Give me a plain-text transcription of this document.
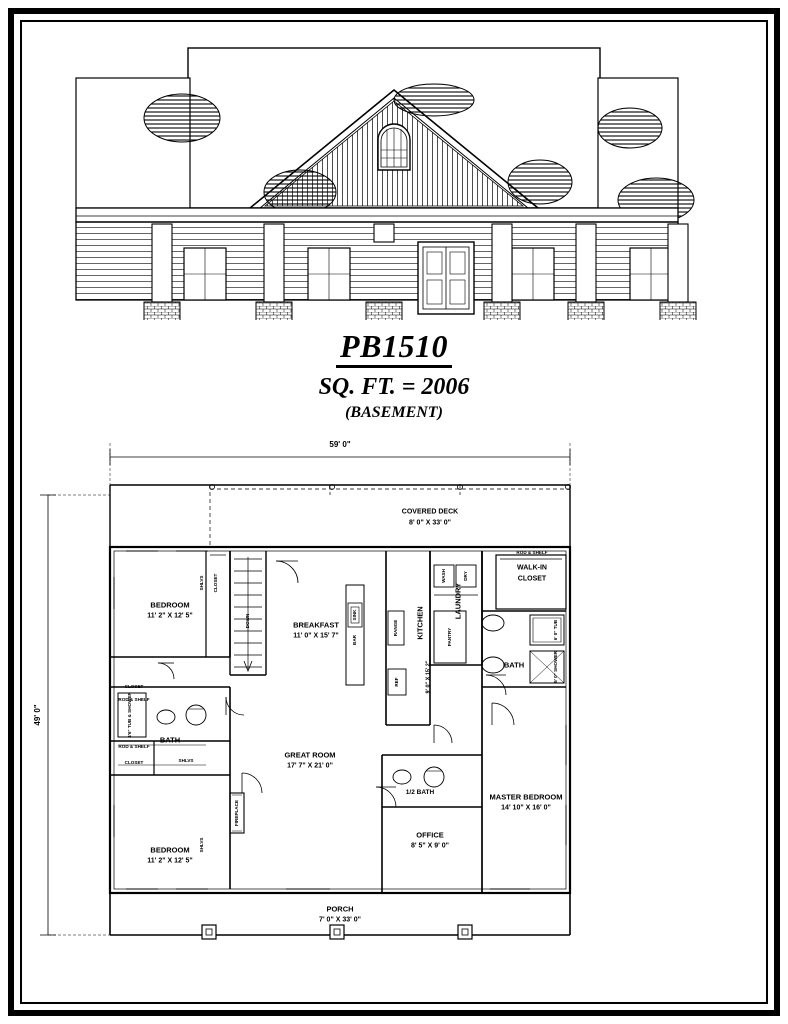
PB1510
SQ. FT. = 2006
(BASEMENT)
59' 0"
49' 0"
COVERED DECK
8' 0" X 33' 0"
BEDROOM
11' 2" X 12' 5"
BEDROOM
11' 2" X 12' 5"
BREAKFAST
11' 0" X 15' 7"	KITCHEN
9' 0" X 15' 2"
LAUNDRY
WALK-IN
CLOSET
BATH
BATH
GREAT ROOM
17' 7" X 21' 0"
1/2 BATH	MASTER BEDROOM
14' 10" X 16' 0"
OFFICE
8' 5" X 9' 0"
PORCH
7' 0" X 33' 0"
CLOSET
SHLVS
SHLVS
CLOSET
ROD & SHELF
ROD & SHELF
CLOSET	SHLVS
4'6" TUB & SHOWER
ROD & SHELF
6' 0" TUB
5' 0" SHOWER
WASH	DRY
PANTRY
RANGE
REF
BAR
SINK
DOWN
FIREPLACE
